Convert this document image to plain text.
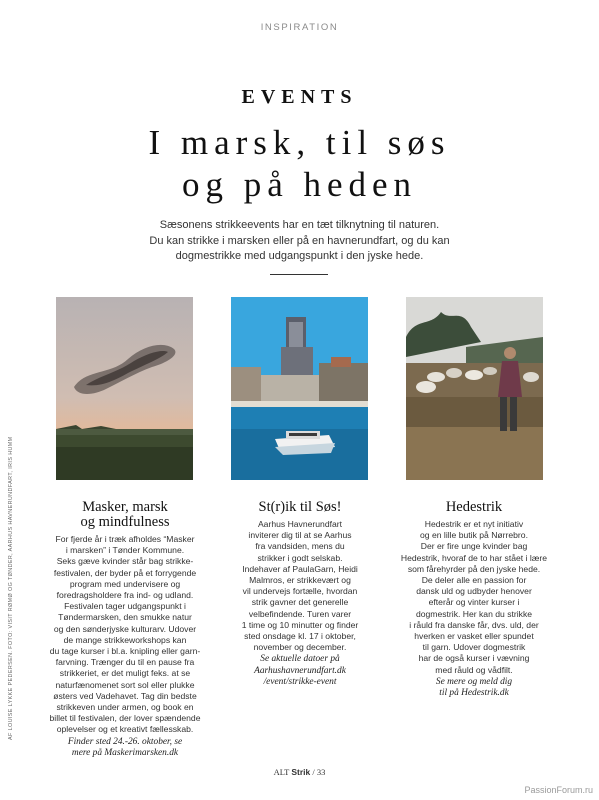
INSPIRATION
EVENTS
I marsk, til søs
og på heden
Sæsonens strikkeevents har en tæt tilknytning til naturen.
Du kan strikke i marsken eller på en havnerundfart, og du kan
dogmestrikke med udgangspunkt i den jyske hede.
Masker, marsk
og mindfulness
For fjerde år i træk afholdes “Masker
i marsken” i Tønder Kommune.
Seks gæve kvinder står bag strikke-
festivalen, der byder på et forrygende
program med undervisere og
foredragsholdere fra ind- og udland.
Festivalen tager udgangspunkt i
Tøndermarsken, den smukke natur
og den sønderjyske kulturarv. Udover
de mange strikkeworkshops kan
du tage kurser i bl.a. knipling eller garn-
farvning. Trænger du til en pause fra
strikkeriet, er det muligt feks. at se
naturfænomenet sort sol eller plukke
østers ved Vadehavet. Tag din bedste
strikkeven under armen, og book en
billet til festivalen, der lover spændende
oplevelser og et kreativt fællesskab.
Finder sted 24.-26. oktober, se
mere på Maskerimarsken.dk
St(r)ik til Søs!
Aarhus Havnerundfart
inviterer dig til at se Aarhus
fra vandsiden, mens du
strikker i godt selskab.
Indehaver af PaulaGarn, Heidi
Malmros, er strikkevært og
vil undervejs fortælle, hvordan
strik gavner det generelle
velbefindende. Turen varer
1 time og 10 minutter og finder
sted onsdage kl. 17 i oktober,
november og december.
Se aktuelle datoer på
Aarhushavnerundfart.dk
/event/strikke-event
Hedestrik
Hedestrik er et nyt initiativ
og en lille butik på Nørrebro.
Der er fire unge kvinder bag
Hedestrik, hvoraf de to har stået i lære
som fårehyrder på den jyske hede.
De deler alle en passion for
dansk uld og udbyder henover
efterår og vinter kurser i
dogmestrik. Her kan du strikke
i råuld fra danske får, dvs. uld, der
hverken er vasket eller spundet
til garn. Udover dogmestrik
har de også kurser i vævning
med råuld og vådfilt.
Se mere og meld dig
til på Hedestrik.dk
AF LOUISE LYKKE PEDERSEN. FOTO: VISIT RØMØ OG TØNDER, AARHUS HAVNERUNDFART, IRIS HUMM
ALT Strik / 33
PassionForum.ru
